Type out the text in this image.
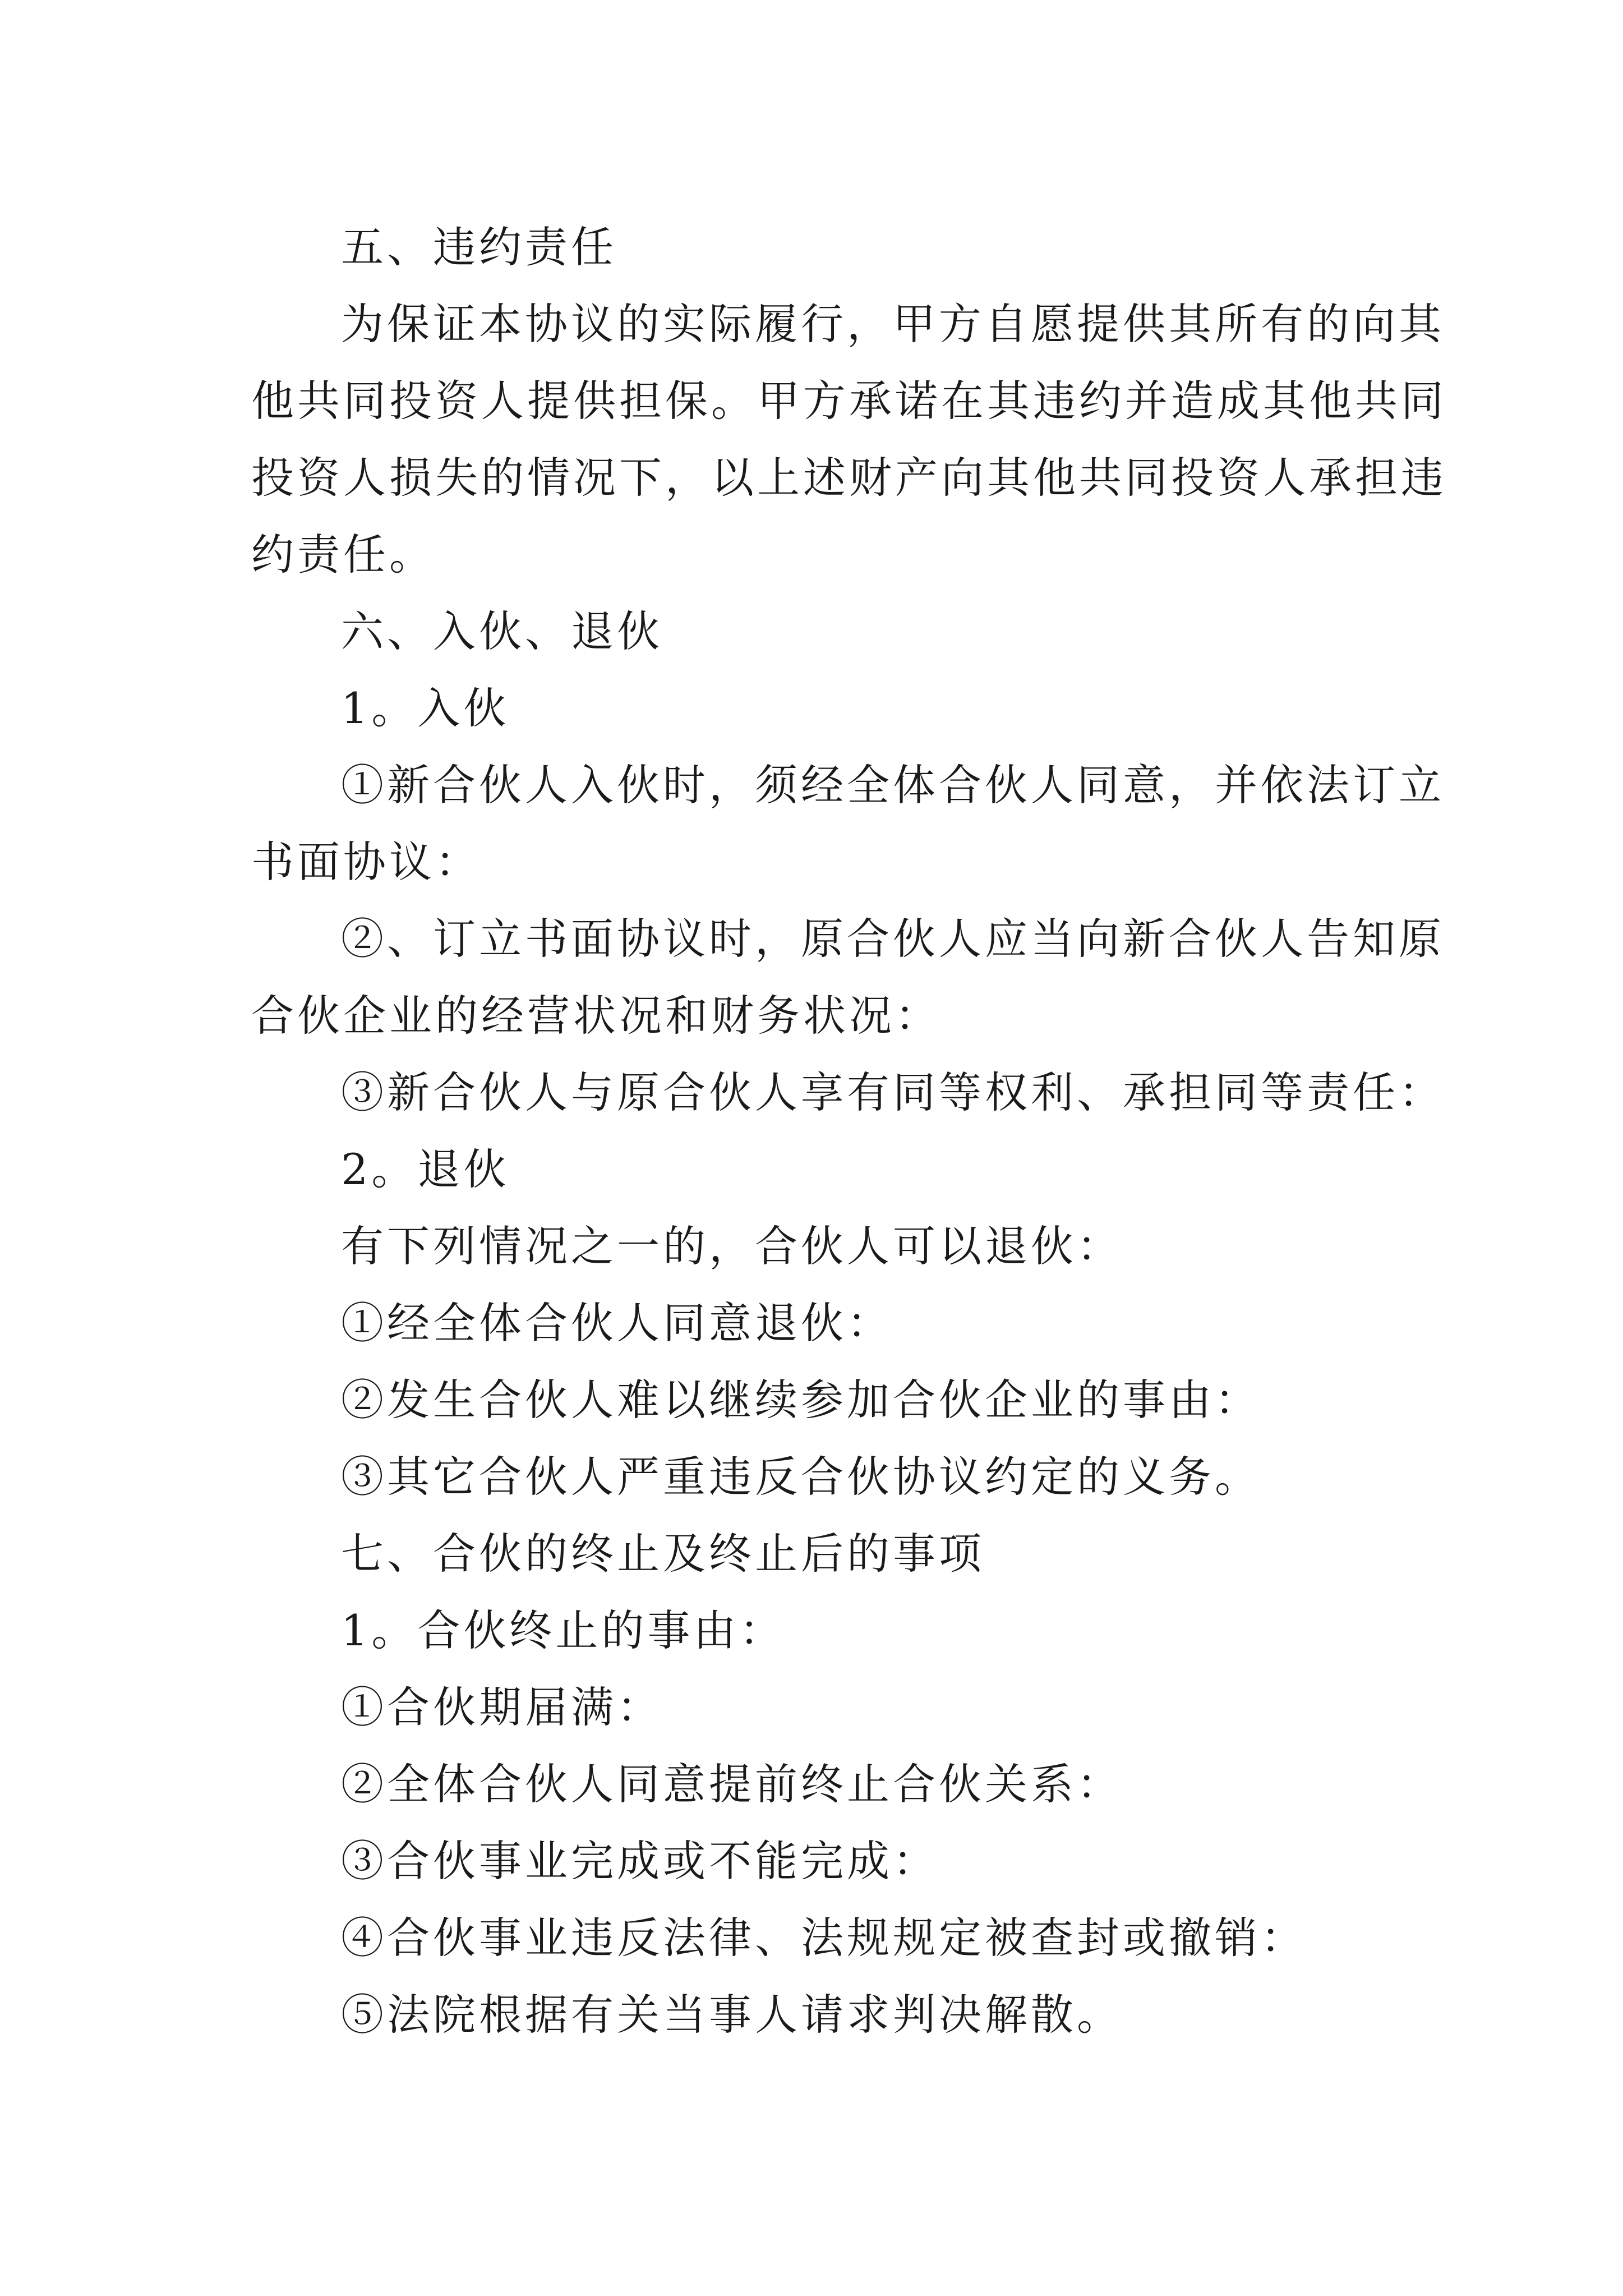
五、违约责任
为保证本协议的实际履行，甲方自愿提供其所有的向其
他共同投资人提供担保。甲方承诺在其违约并造成其他共同
投资人损失的情况下，以上述财产向其他共同投资人承担违
约责任。
六、入伙、退伙
1。入伙
①新合伙人入伙时，须经全体合伙人同意，并依法订立
书面协议：
②、订立书面协议时，原合伙人应当向新合伙人告知原
合伙企业的经营状况和财务状况：
③新合伙人与原合伙人享有同等权利、承担同等责任：
2。退伙
有下列情况之一的，合伙人可以退伙：
①经全体合伙人同意退伙：
②发生合伙人难以继续参加合伙企业的事由：
③其它合伙人严重违反合伙协议约定的义务。
七、合伙的终止及终止后的事项
1。合伙终止的事由：
①合伙期届满：
②全体合伙人同意提前终止合伙关系：
③合伙事业完成或不能完成：
④合伙事业违反法律、法规规定被查封或撤销：
⑤法院根据有关当事人请求判决解散。
